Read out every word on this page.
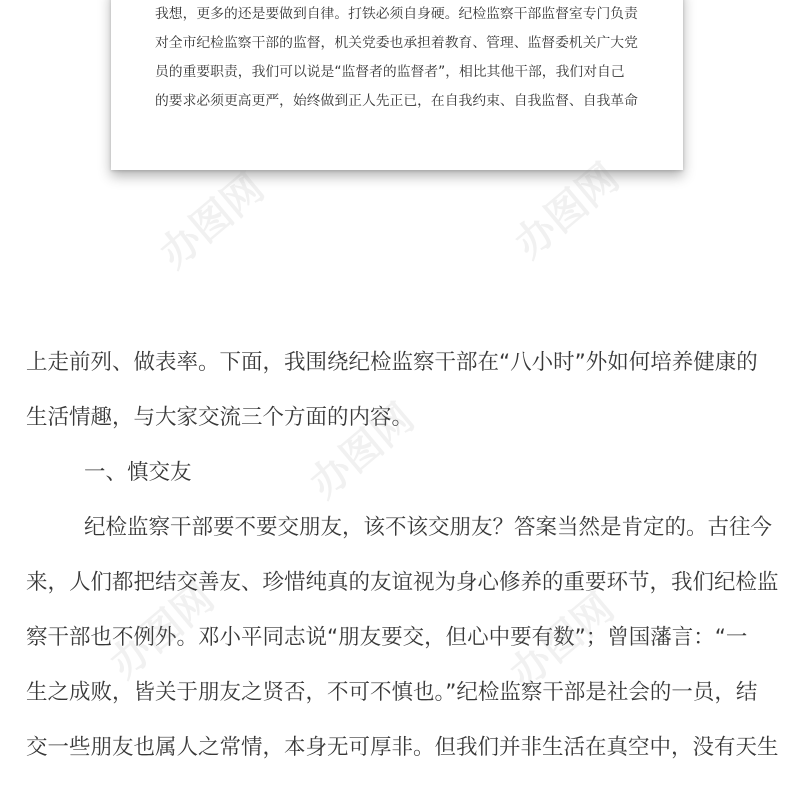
我想，更多的还是要做到自律。打铁必须自身硬。纪检监察干部监督室专门负责
对全市纪检监察干部的监督，机关党委也承担着教育、管理、监督委机关广大党
员的重要职责，我们可以说是“监督者的监督者”，相比其他干部，我们对自己
的要求必须更高更严，始终做到正人先正已，在自我约束、自我监督、自我革命
上走前列、做表率。下面，我围绕纪检监察干部在“八小时”外如何培养健康的
生活情趣，与大家交流三个方面的内容。
一、慎交友
纪检监察干部要不要交朋友，该不该交朋友？答案当然是肯定的。古往今
来，人们都把结交善友、珍惜纯真的友谊视为身心修养的重要环节，我们纪检监
察干部也不例外。邓小平同志说“朋友要交，但心中要有数”；曾国藩言：“一
生之成败，皆关于朋友之贤否，不可不慎也。”纪检监察干部是社会的一员，结
交一些朋友也属人之常情，本身无可厚非。但我们并非生活在真空中，没有天生
办图网	办图网
办图网
办图网	办图网
